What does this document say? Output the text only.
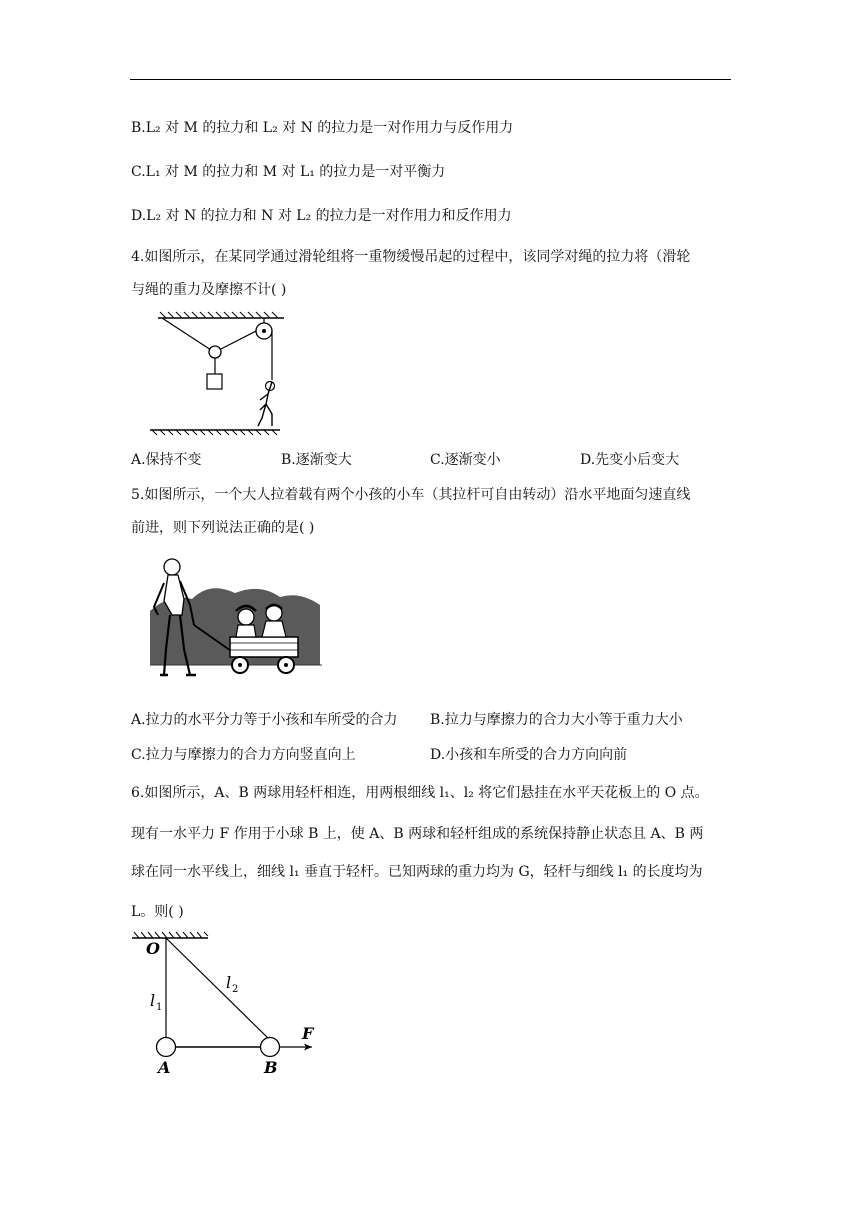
B.L₂ 对 M 的拉力和 L₂ 对 N 的拉力是一对作用力与反作用力
C.L₁ 对 M 的拉力和 M 对 L₁ 的拉力是一对平衡力
D.L₂ 对 N 的拉力和 N 对 L₂ 的拉力是一对作用力和反作用力
4.如图所示，在某同学通过滑轮组将一重物缓慢吊起的过程中，该同学对绳的拉力将（滑轮
与绳的重力及摩擦不计( )
A.保持不变	B.逐渐变大	C.逐渐变小	D.先变小后变大
5.如图所示，一个大人拉着载有两个小孩的小车（其拉杆可自由转动）沿水平地面匀速直线
前进，则下列说法正确的是( )
A.拉力的水平分力等于小孩和车所受的合力 B.拉力与摩擦力的合力大小等于重力大小
C.拉力与摩擦力的合力方向竖直向上	D.小孩和车所受的合力方向向前
6.如图所示，A、B 两球用轻杆相连，用两根细线 l₁、l₂ 将它们悬挂在水平天花板上的 O 点。
现有一水平力 F 作用于小球 B 上，使 A、B 两球和轻杆组成的系统保持静止状态且 A、B 两
球在同一水平线上，细线 l₁ 垂直于轻杆。已知两球的重力均为 G，轻杆与细线 l₁ 的长度均为
L。则( )
O
l 1
l 2
F
A	B
